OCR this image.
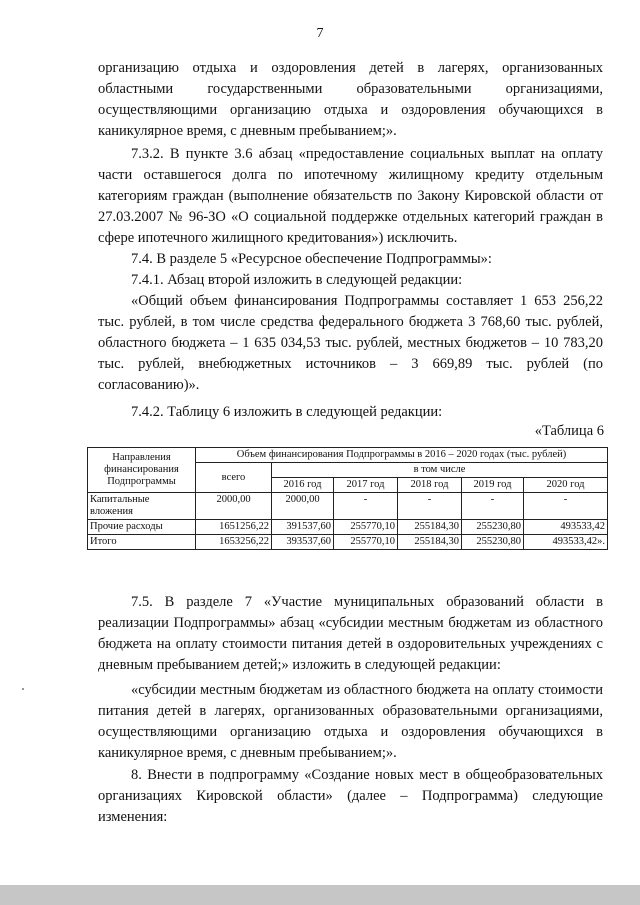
7
организацию отдыха и оздоровления детей в лагерях, организованных областными государственными образовательными организациями, осуществляющими организацию отдыха и оздоровления обучающихся в каникулярное время, с дневным пребыванием;».
7.3.2. В пункте 3.6 абзац «предоставление социальных выплат на оплату части оставшегося долга по ипотечному жилищному кредиту отдельным категориям граждан (выполнение обязательств по Закону Кировской области от 27.03.2007 № 96-ЗО «О социальной поддержке отдельных категорий граждан в сфере ипотечного жилищного кредитования») исключить.
7.4. В разделе 5 «Ресурсное обеспечение Подпрограммы»:
7.4.1. Абзац второй изложить в следующей редакции:
«Общий объем финансирования Подпрограммы составляет 1 653 256,22 тыс. рублей, в том числе средства федерального бюджета 3 768,60 тыс. рублей, областного бюджета – 1 635 034,53 тыс. рублей, местных бюджетов – 10 783,20 тыс. рублей, внебюджетных источников – 3 669,89 тыс. рублей (по согласованию)».
7.4.2. Таблицу 6 изложить в следующей редакции:
«Таблица 6
Направления финансирования Подпрограммы	Объем финансирования Подпрограммы в 2016 – 2020 годах (тыс. рублей)					
	всего	в том числе				
		2016 год	2017 год	2018 год	2019 год	2020 год
Капитальные вложения	2000,00	2000,00	-	-	-	-
Прочие расходы	1651256,22	391537,60	255770,10	255184,30	255230,80	493533,42
Итого	1653256,22	393537,60	255770,10	255184,30	255230,80	493533,42».
7.5. В разделе 7 «Участие муниципальных образований области в реализации Подпрограммы» абзац «субсидии местным бюджетам из областного бюджета на оплату стоимости питания детей в оздоровительных учреждениях с дневным пребыванием детей;» изложить в следующей редакции:
«субсидии местным бюджетам из областного бюджета на оплату стоимости питания детей в лагерях, организованных образовательными организациями, осуществляющими организацию отдыха и оздоровления обучающихся в каникулярное время, с дневным пребыванием;».
8. Внести в подпрограмму «Создание новых мест в общеобразовательных организациях Кировской области» (далее – Подпрограмма) следующие изменения:
